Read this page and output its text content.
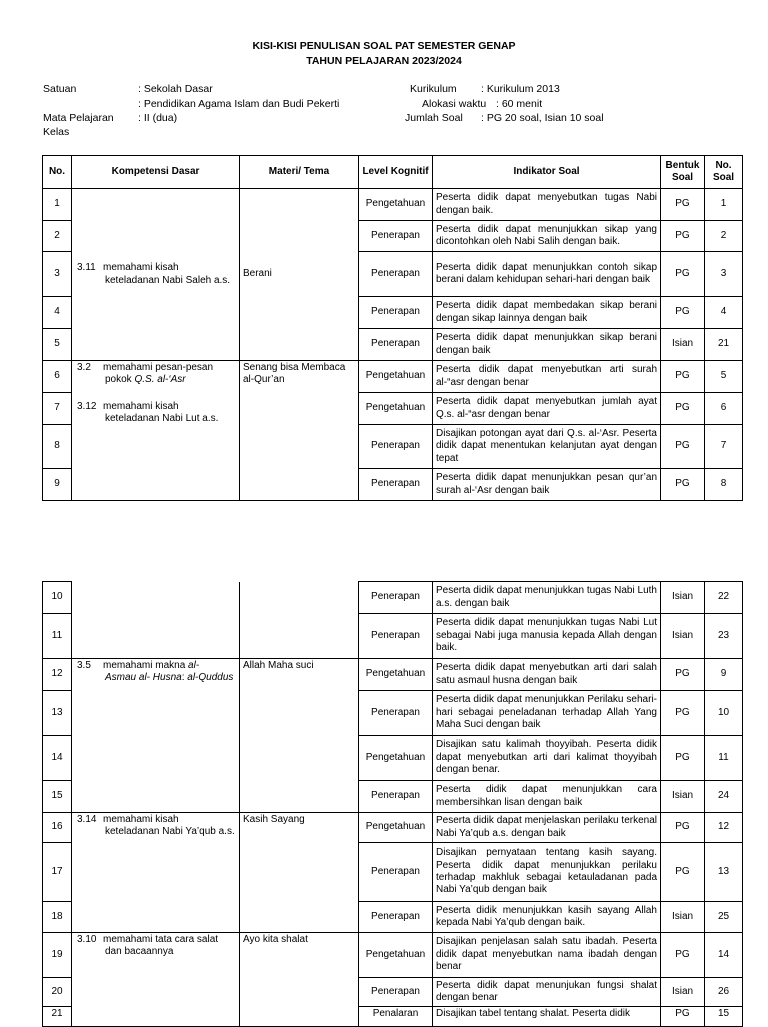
KISI-KISI PENULISAN SOAL PAT SEMESTER GENAP
TAHUN PELAJARAN 2023/2024
Satuan	: Sekolah Dasar
: Pendidikan Agama Islam dan Budi Pekerti
Mata Pelajaran : II (dua)
Kelas
Kurikulum : Kurikulum 2013
Alokasi waktu : 60 menit
Jumlah Soal : PG 20 soal, Isian 10 soal
No.	Kompetensi Dasar	Materi/ Tema	Level Kognitif	Indikator Soal	Bentuk Soal	No. Soal
1	3.11 memahami kisah
keteladanan Nabi Saleh a.s.	Berani	Pengetahuan	Peserta didik dapat menyebutkan tugas Nabi dengan baik.	PG	1
2			Penerapan	Peserta didik dapat menunjukkan sikap yang dicontohkan oleh Nabi Salih dengan baik.	PG	2
3			Penerapan	Peserta didik dapat menunjukkan contoh sikap berani dalam kehidupan sehari-hari dengan baik	PG	3
4			Penerapan	Peserta didik dapat membedakan sikap berani dengan sikap lainnya dengan baik	PG	4
5			Penerapan	Peserta didik dapat menunjukkan sikap berani dengan baik	Isian	21
6	3.2 memahami pesan-pesan
pokok Q.S. al-‘Asr
3.12 memahami kisah
keteladanan Nabi Lut a.s.	Senang bisa Membaca al-Qur’an	Pengetahuan	Peserta didik dapat menyebutkan arti surah al-“asr dengan benar	PG	5
7			Pengetahuan	Peserta didik dapat menyebutkan jumlah ayat Q.s. al-“asr dengan benar	PG	6
8			Penerapan	Disajikan potongan ayat dari Q.s. al-‘Asr. Peserta didik dapat menentukan kelanjutan ayat dengan tepat	PG	7
9			Penerapan	Peserta didik dapat menunjukkan pesan qur’an surah al-‘Asr dengan baik	PG	8
10			Penerapan	Peserta didik dapat menunjukkan tugas Nabi Luth a.s. dengan baik	Isian	22
11			Penerapan	Peserta didik dapat menunjukkan tugas Nabi Lut sebagai Nabi juga manusia kepada Allah dengan baik.	Isian	23
12	3.5 memahami makna al-
Asmau al- Husna: al-Quddus	Allah Maha suci	Pengetahuan	Peserta didik dapat menyebutkan arti dari salah satu asmaul husna dengan baik	PG	9
13			Penerapan	Peserta didik dapat menunjukkan Perilaku sehari-hari sebagai peneladanan terhadap Allah Yang Maha Suci dengan baik	PG	10
14			Pengetahuan	Disajikan satu kalimah thoyyibah. Peserta didik dapat menyebutkan arti dari kalimat thoyyibah dengan benar.	PG	11
15			Penerapan	Peserta didik dapat menunjukkan cara membersihkan lisan dengan baik	Isian	24
16	3.14 memahami kisah
keteladanan Nabi Ya’qub a.s.	Kasih Sayang	Pengetahuan	Peserta didik dapat menjelaskan perilaku terkenal Nabi Ya’qub a.s. dengan baik	PG	12
17			Penerapan	Disajikan pernyataan tentang kasih sayang. Peserta didik dapat menunjukkan perilaku terhadap makhluk sebagai ketauladanan pada Nabi Ya’qub dengan baik	PG	13
18			Penerapan	Peserta didik menunjukkan kasih sayang Allah kepada Nabi Ya’qub dengan baik.	Isian	25
19	3.10 memahami tata cara salat
dan bacaannya	Ayo kita shalat	Pengetahuan	Disajikan penjelasan salah satu ibadah. Peserta didik dapat menyebutkan nama ibadah dengan benar	PG	14
20			Penerapan	Peserta didik dapat menunjukan fungsi shalat dengan benar	Isian	26
21			Penalaran	Disajikan tabel tentang shalat. Peserta didik	PG	15
